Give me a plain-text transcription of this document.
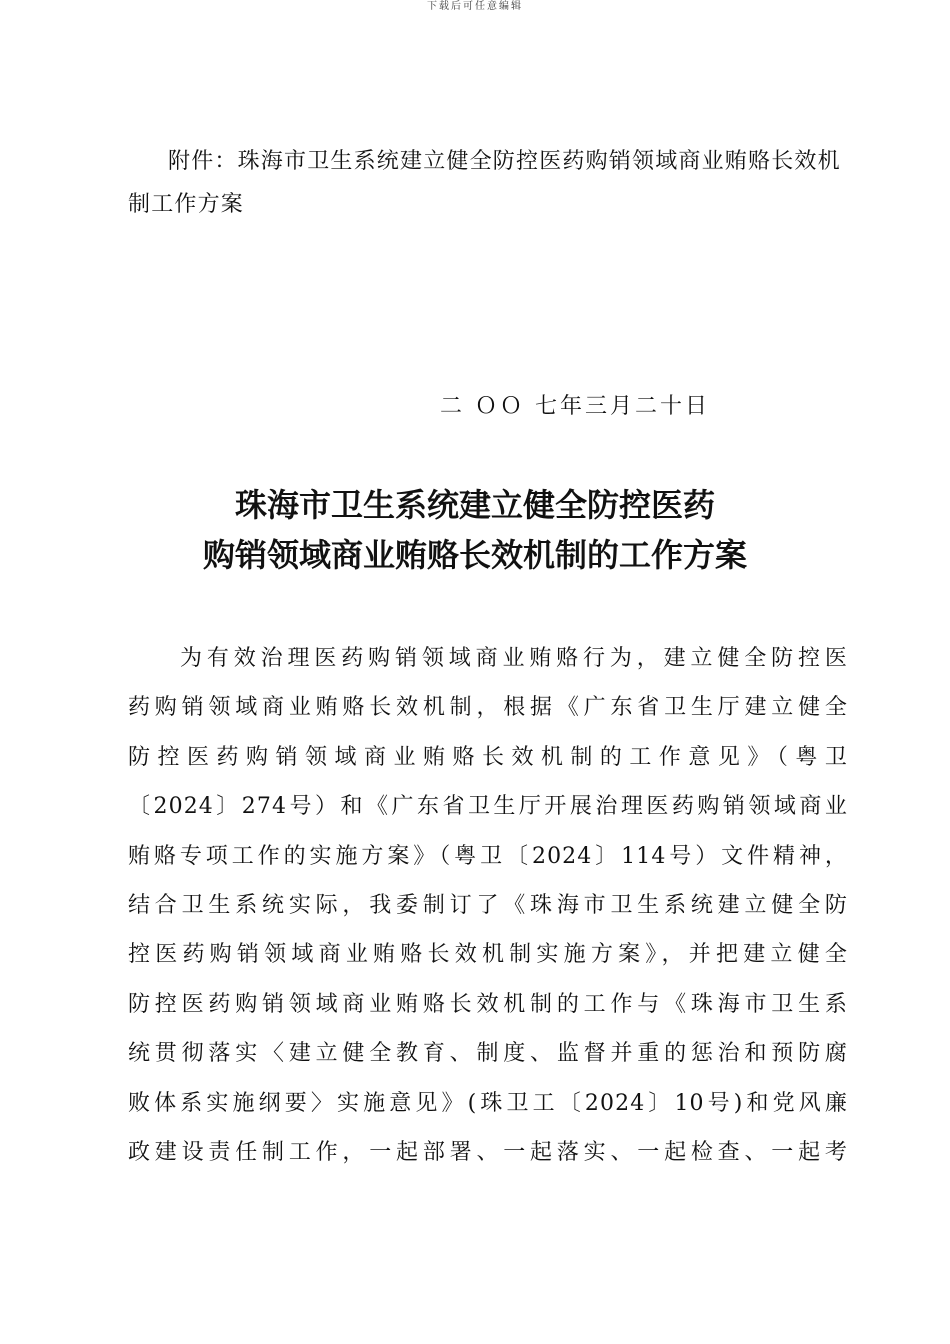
下载后可任意编辑

附件：珠海市卫生系统建立健全防控医药购销领域商业贿赂长效机制工作方案

二 ＯＯ 七年三月二十日

珠海市卫生系统建立健全防控医药
购销领域商业贿赂长效机制的工作方案
为有效治理医药购销领域商业贿赂行为，建立健全防控医
药购销领域商业贿赂长效机制，根据《广东省卫生厅建立健全
防控医药购销领域商业贿赂长效机制的工作意见》（粤卫
〔2024〕274号）和《广东省卫生厅开展治理医药购销领域商业
贿赂专项工作的实施方案》（粤卫〔2024〕114号）文件精神，
结合卫生系统实际，我委制订了《珠海市卫生系统建立健全防
控医药购销领域商业贿赂长效机制实施方案》，并把建立健全
防控医药购销领域商业贿赂长效机制的工作与《珠海市卫生系
统贯彻落实〈建立健全教育、制度、监督并重的惩治和预防腐
败体系实施纲要〉实施意见》(珠卫工〔2024〕10号)和党风廉
政建设责任制工作，一起部署、一起落实、一起检查、一起考
